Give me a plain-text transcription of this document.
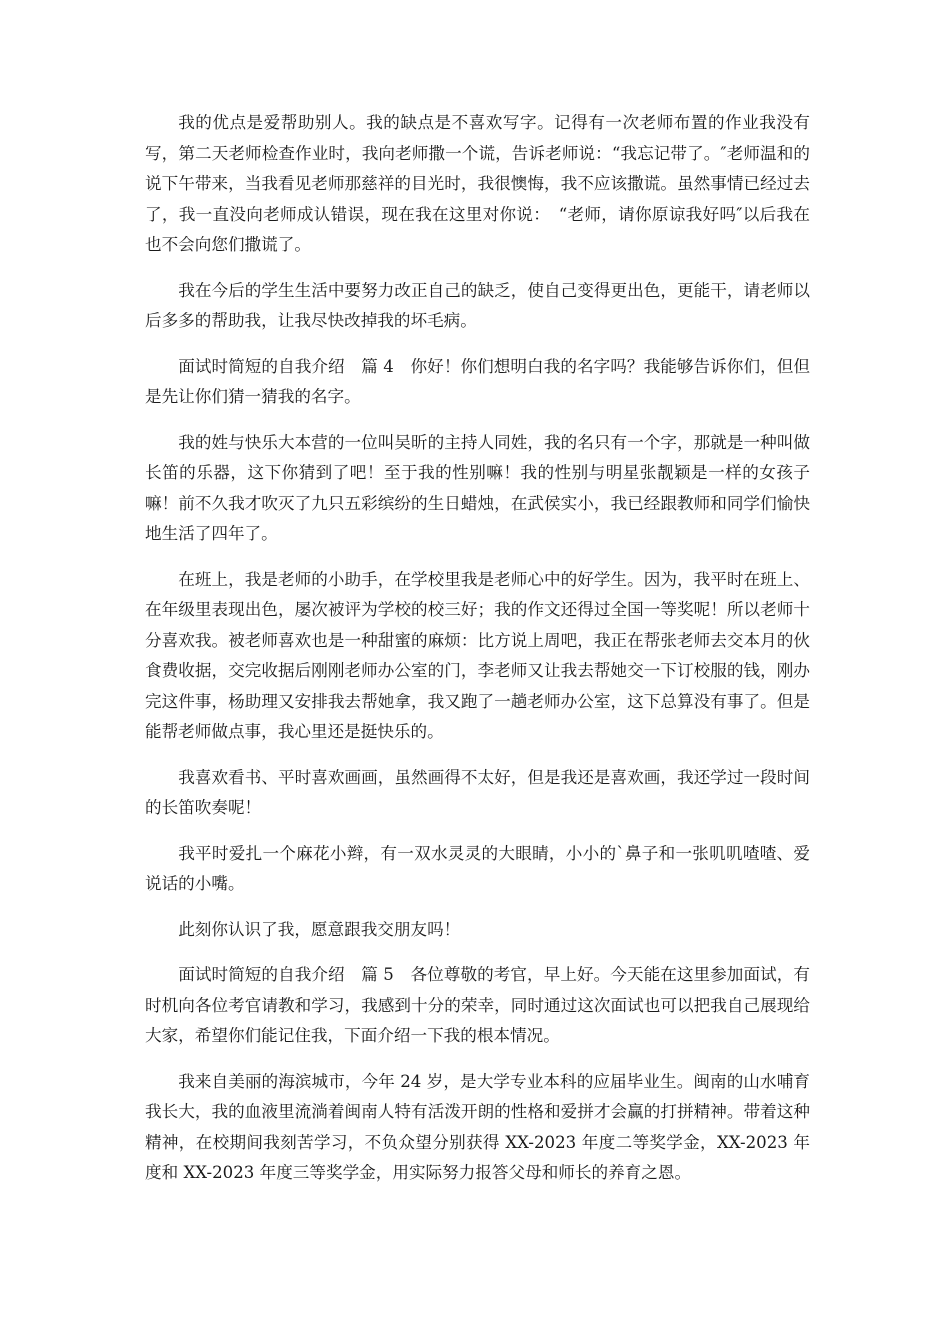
我的优点是爱帮助别人。我的缺点是不喜欢写字。记得有一次老师布置的作业我没有写，第二天老师检查作业时，我向老师撒一个谎，告诉老师说：“我忘记带了。″老师温和的说下午带来，当我看见老师那慈祥的目光时，我很懊悔，我不应该撒谎。虽然事情已经过去了，我一直没向老师成认错误，现在我在这里对你说：　“老师，请你原谅我好吗″以后我在也不会向您们撒谎了。

我在今后的学生生活中要努力改正自己的缺乏，使自己变得更出色，更能干，请老师以后多多的帮助我，让我尽快改掉我的坏毛病。

面试时简短的自我介绍　篇 4　你好！你们想明白我的名字吗？我能够告诉你们，但但是先让你们猜一猜我的名字。

我的姓与快乐大本营的一位叫吴昕的主持人同姓，我的名只有一个字，那就是一种叫做长笛的乐器，这下你猜到了吧！至于我的性别嘛！我的性别与明星张靓颖是一样的女孩子嘛！前不久我才吹灭了九只五彩缤纷的生日蜡烛，在武侯实小，我已经跟教师和同学们愉快地生活了四年了。

在班上，我是老师的小助手，在学校里我是老师心中的好学生。因为，我平时在班上、在年级里表现出色，屡次被评为学校的校三好；我的作文还得过全国一等奖呢！所以老师十分喜欢我。被老师喜欢也是一种甜蜜的麻烦：比方说上周吧，我正在帮张老师去交本月的伙食费收据，交完收据后刚刚老师办公室的门，李老师又让我去帮她交一下订校服的钱，刚办完这件事，杨助理又安排我去帮她拿，我又跑了一趟老师办公室，这下总算没有事了。但是能帮老师做点事，我心里还是挺快乐的。

我喜欢看书、平时喜欢画画，虽然画得不太好，但是我还是喜欢画，我还学过一段时间的长笛吹奏呢！

我平时爱扎一个麻花小辫，有一双水灵灵的大眼睛，小小的`鼻子和一张叽叽喳喳、爱说话的小嘴。

此刻你认识了我，愿意跟我交朋友吗！

面试时简短的自我介绍　篇 5　各位尊敬的考官，早上好。今天能在这里参加面试，有时机向各位考官请教和学习，我感到十分的荣幸，同时通过这次面试也可以把我自己展现给大家，希望你们能记住我，下面介绍一下我的根本情况。

我来自美丽的海滨城市，今年 24 岁，是大学专业本科的应届毕业生。闽南的山水哺育我长大，我的血液里流淌着闽南人特有活泼开朗的性格和爱拼才会赢的打拼精神。带着这种精神，在校期间我刻苦学习，不负众望分别获得 XX-2023 年度二等奖学金，XX-2023 年度和 XX-2023 年度三等奖学金，用实际努力报答父母和师长的养育之恩。
